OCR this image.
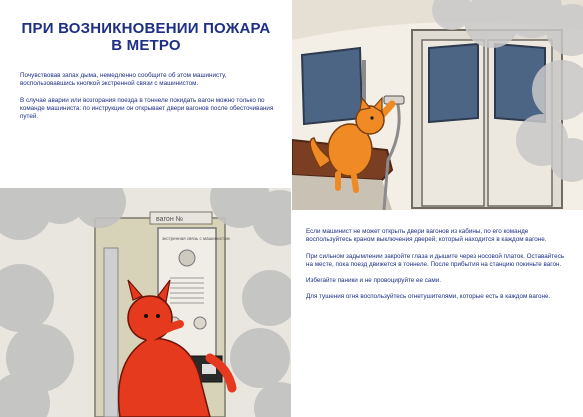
ПРИ ВОЗНИКНОВЕНИИ ПОЖАРА В МЕТРО

Почувствовав запах дыма, немедленно сообщите об этом машинисту, воспользовавшись кнопкой экстренной связи с машинистом.

В случае аварии или возгорания поезда в тоннеле покидать вагон можно только по команде машиниста: по инструкции он открывает двери вагонов после обесточивания путей.

вагон №
экстренная связь с машинистом

Если машинист не может открыть двери вагонов из кабины, по его команде воспользуйтесь краном выключения дверей, который находится в каждом вагоне.

При сильном задымлении закройте глаза и дышите через носовой платок. Оставайтесь на месте, пока поезд движется в тоннеле. После прибытия на станцию покиньте вагон.

Избегайте паники и не провоцируйте ее сами.

Для тушения огня воспользуйтесь огнетушителями, которые есть в каждом вагоне.
